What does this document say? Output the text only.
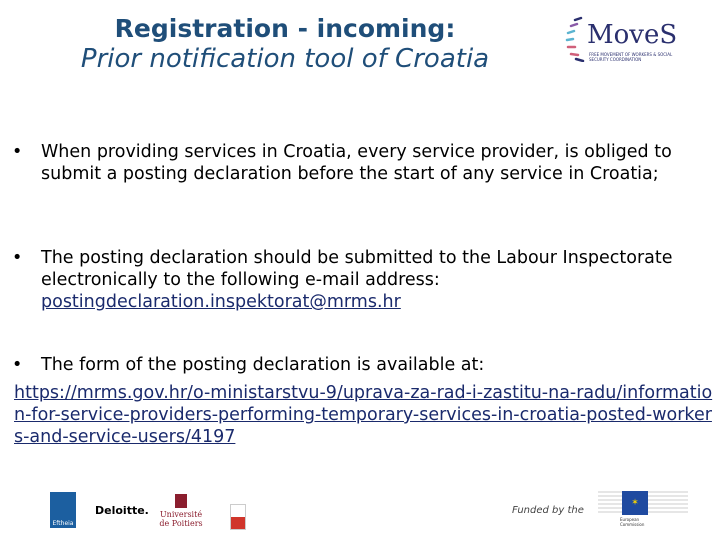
Registration - incoming:
Prior notification tool of Croatia
MoveS
FREE MOVEMENT OF WORKERS & SOCIAL SECURITY COORDINATION
• When providing services in Croatia, every service provider, is obliged to submit a posting declaration before the start of any service in Croatia;
• The posting declaration should be submitted to the Labour Inspectorate electronically to the following e-mail address:
postingdeclaration.inspektorat@mrms.hr
• The form of the posting declaration is available at:
https://mrms.gov.hr/o-ministarstvu-9/uprava-za-rad-i-zastitu-na-radu/information-for-service-providers-performing-temporary-services-in-croatia-posted-workers-and-service-users/4197
Eftheia
Deloitte.	Université de Poitiers
Funded by the
✶
European Commission
